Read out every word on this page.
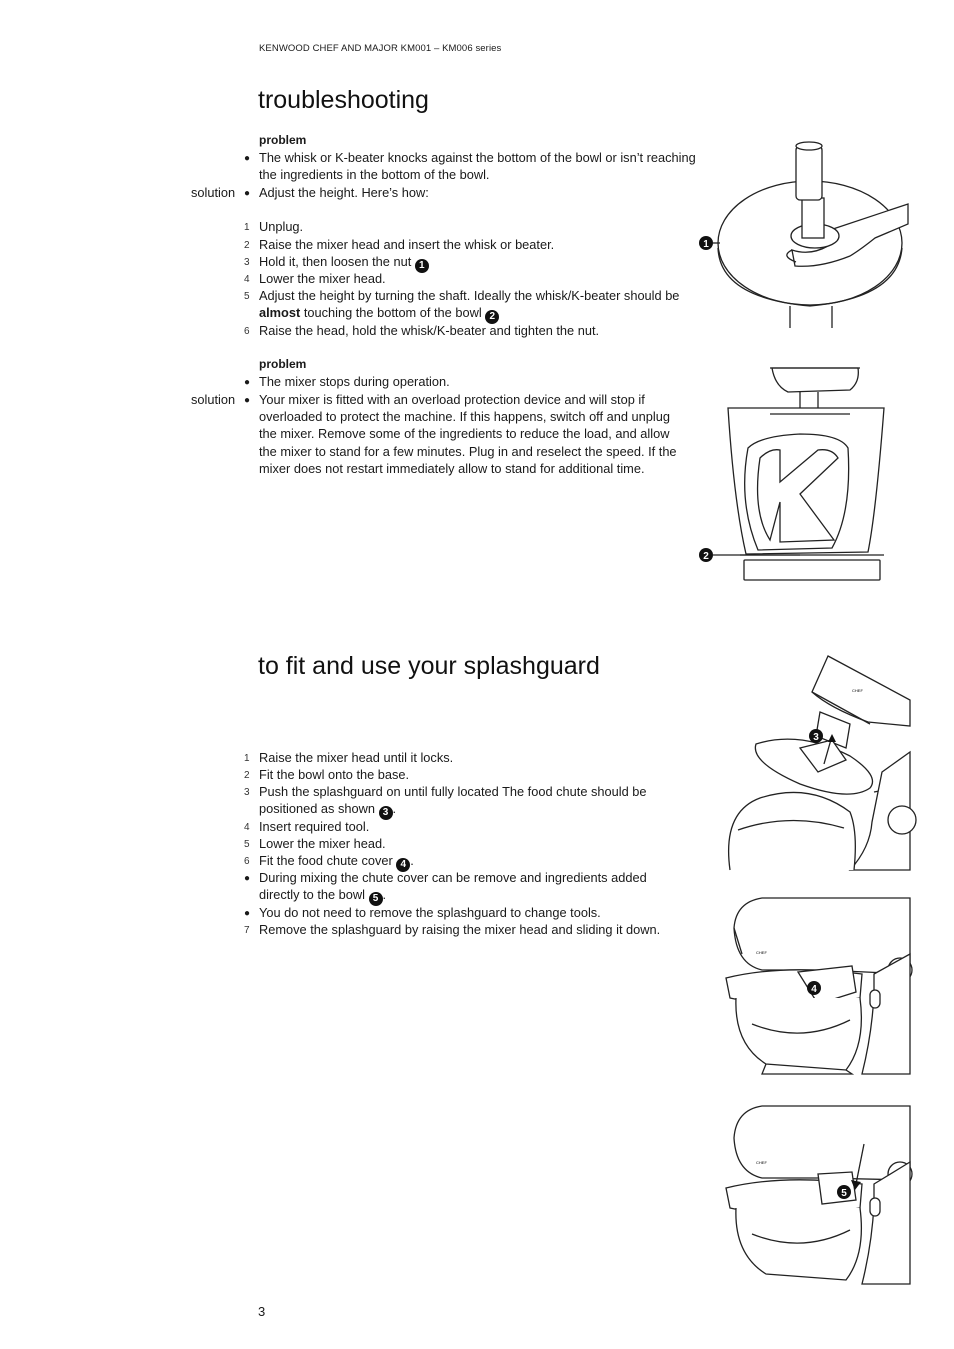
KENWOOD CHEF AND MAJOR KM001 – KM006 series
troubleshooting
problem
● The whisk or K-beater knocks against the bottom of the bowl or isn’t reaching the ingredients in the bottom of the bowl.
solution ● Adjust the height. Here’s how:
1 Unplug.
2 Raise the mixer head and insert the whisk or beater.
3 Hold it, then loosen the nut 1
4 Lower the mixer head.
5 Adjust the height by turning the shaft. Ideally the whisk/K-beater should be almost touching the bottom of the bowl 2
6 Raise the head, hold the whisk/K-beater and tighten the nut.
problem
● The mixer stops during operation.
solution ● Your mixer is fitted with an overload protection device and will stop if overloaded to protect the machine. If this happens, switch off and unplug the mixer. Remove some of the ingredients to reduce the load, and allow the mixer to stand for a few minutes. Plug in and reselect the speed. If the mixer does not restart immediately allow to stand for additional time.
to fit and use your splashguard
1 Raise the mixer head until it locks.
2 Fit the bowl onto the base.
3 Push the splashguard on until fully located The food chute should be positioned as shown 3 .
4 Insert required tool.
5 Lower the mixer head.
6 Fit the food chute cover 4 .
● During mixing the chute cover can be remove and ingredients added directly to the bowl 5 .
● You do not need to remove the splashguard to change tools.
7 Remove the splashguard by raising the mixer head and sliding it down.
3
1
2
CHEF
3
CHEF
4
CHEF
5
